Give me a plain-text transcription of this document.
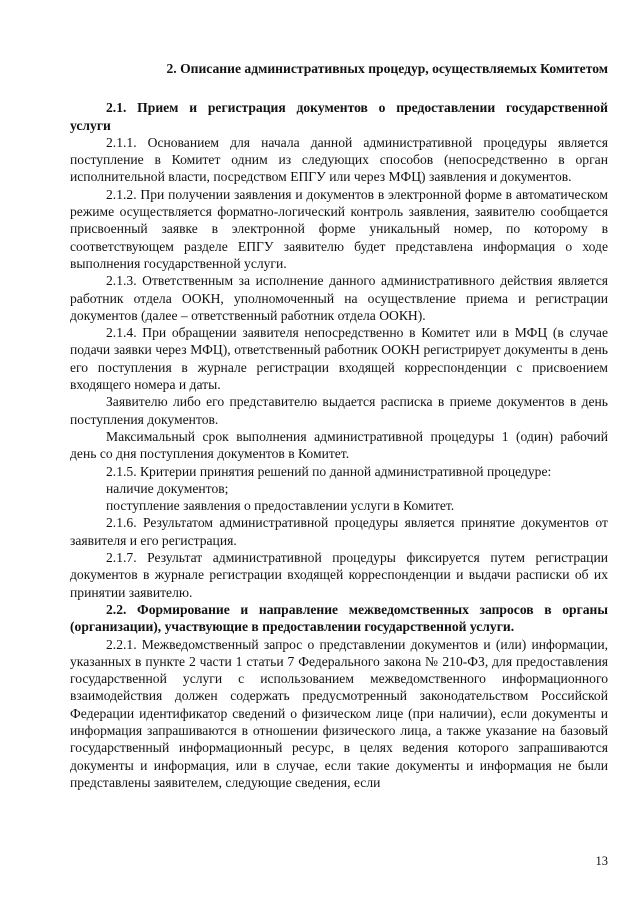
2. Описание административных процедур, осуществляемых Комитетом

2.1. Прием и регистрация документов о предоставлении государственной услуги

2.1.1. Основанием для начала данной административной процедуры является поступление в Комитет одним из следующих способов (непосредственно в орган исполнительной власти, посредством ЕПГУ или через МФЦ) заявления и документов.

2.1.2. При получении заявления и документов в электронной форме в автоматическом режиме осуществляется форматно-логический контроль заявления, заявителю сообщается присвоенный заявке в электронной форме уникальный номер, по которому в соответствующем разделе ЕПГУ заявителю будет представлена информация о ходе выполнения государственной услуги.

2.1.3. Ответственным за исполнение данного административного действия является работник отдела ООКН, уполномоченный на осуществление приема и регистрации документов (далее – ответственный работник отдела ООКН).

2.1.4. При обращении заявителя непосредственно в Комитет или в МФЦ (в случае подачи заявки через МФЦ), ответственный работник ООКН регистрирует документы в день его поступления в журнале регистрации входящей корреспонденции с присвоением входящего номера и даты.

Заявителю либо его представителю выдается расписка в приеме документов в день поступления документов.

Максимальный срок выполнения административной процедуры 1 (один) рабочий день со дня поступления документов в Комитет.

2.1.5. Критерии принятия решений по данной административной процедуре:

наличие документов;

поступление заявления о предоставлении услуги в Комитет.

2.1.6. Результатом административной процедуры является принятие документов от заявителя и его регистрация.

2.1.7. Результат административной процедуры фиксируется путем регистрации документов в журнале регистрации входящей корреспонденции и выдачи расписки об их принятии заявителю.

2.2. Формирование и направление межведомственных запросов в органы (организации), участвующие в предоставлении государственной услуги.

2.2.1. Межведомственный запрос о представлении документов и (или) информации, указанных в пункте 2 части 1 статьи 7 Федерального закона № 210-ФЗ, для предоставления государственной услуги с использованием межведомственного информационного взаимодействия должен содержать предусмотренный законодательством Российской Федерации идентификатор сведений о физическом лице (при наличии), если документы и информация запрашиваются в отношении физического лица, а также указание на базовый государственный информационный ресурс, в целях ведения которого запрашиваются документы и информация, или в случае, если такие документы и информация не были представлены заявителем, следующие сведения, если

13
